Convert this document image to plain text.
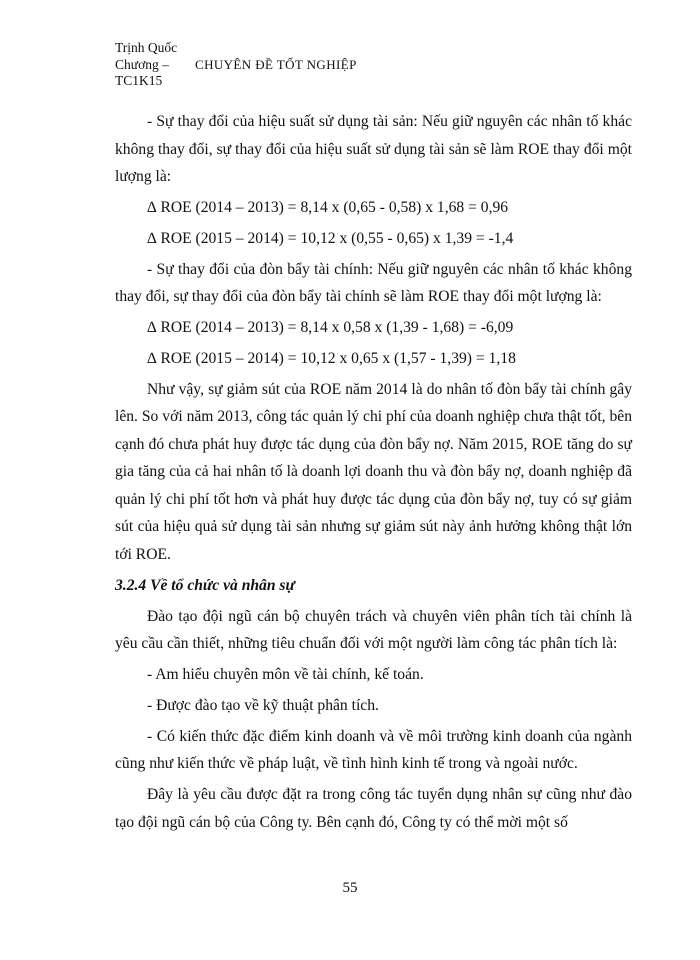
Trịnh Quốc
Chương –
TC1K15
CHUYÊN ĐỀ TỐT NGHIỆP

- Sự thay đổi của hiệu suất sử dụng tài sản: Nếu giữ nguyên các nhân tố khác không thay đổi, sự thay đổi của hiệu suất sử dụng tài sản sẽ làm ROE thay đổi một lượng là:

∆ ROE (2014 – 2013) = 8,14 x (0,65 - 0,58) x 1,68 = 0,96

∆ ROE (2015 – 2014) = 10,12 x (0,55 - 0,65) x 1,39 = -1,4

- Sự thay đổi của đòn bẩy tài chính: Nếu giữ nguyên các nhân tố khác không thay đổi, sự thay đổi của đòn bẩy tài chính sẽ làm ROE thay đổi một lượng là:

∆ ROE (2014 – 2013) = 8,14 x 0,58 x (1,39 - 1,68) = -6,09

∆ ROE (2015 – 2014) = 10,12 x 0,65 x (1,57 - 1,39) = 1,18

Như vậy, sự giảm sút của ROE năm 2014 là do nhân tố đòn bẩy tài chính gây lên. So với năm 2013, công tác quản lý chi phí của doanh nghiệp chưa thật tốt, bên cạnh đó chưa phát huy được tác dụng của đòn bẩy nợ. Năm 2015, ROE tăng do sự gia tăng của cả hai nhân tố là doanh lợi doanh thu và đòn bẩy nợ, doanh nghiệp đã quản lý chi phí tốt hơn và phát huy được tác dụng của đòn bẩy nợ, tuy có sự giảm sút của hiệu quả sử dụng tài sản nhưng sự giảm sút này ảnh hưởng không thật lớn tới ROE.

3.2.4 Về tổ chức và nhân sự

Đào tạo đội ngũ cán bộ chuyên trách và chuyên viên phân tích tài chính là yêu cầu cần thiết, những tiêu chuẩn đối với một người làm công tác phân tích là:

- Am hiểu chuyên môn về tài chính, kế toán.

- Được đào tạo về kỹ thuật phân tích.

- Có kiến thức đặc điểm kinh doanh và về môi trường kinh doanh của ngành cũng như kiến thức về pháp luật, về tình hình kinh tế trong và ngoài nước.

Đây là yêu cầu được đặt ra trong công tác tuyển dụng nhân sự cũng như đào tạo đội ngũ cán bộ của Công ty. Bên cạnh đó, Công ty có thể mời một số

55
